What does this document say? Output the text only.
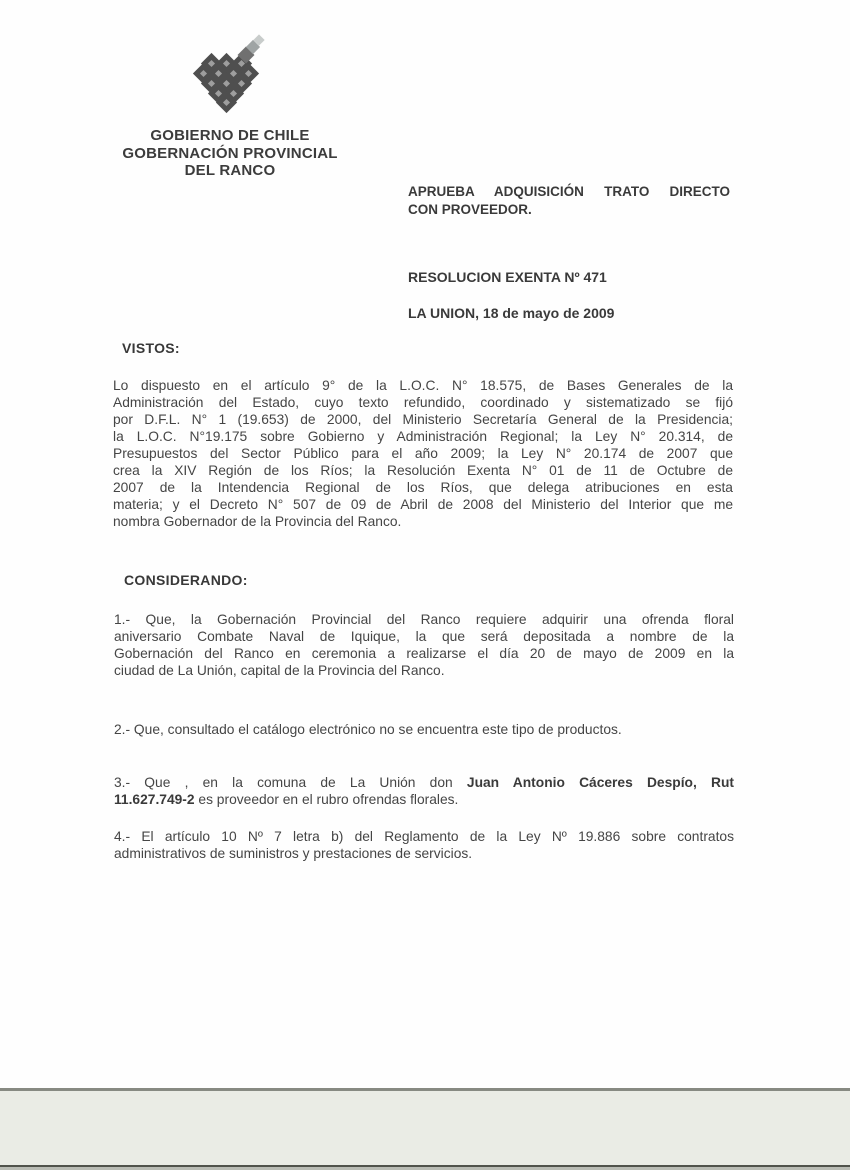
GOBIERNO DE CHILE
GOBERNACIÓN PROVINCIAL
DEL RANCO
APRUEBA ADQUISICIÓN TRATO DIRECTO
CON PROVEEDOR.
RESOLUCION EXENTA Nº 471
LA UNION, 18 de mayo de 2009
VISTOS:
Lo dispuesto en el artículo 9° de la L.O.C. N° 18.575, de Bases Generales de la
Administración del Estado, cuyo texto refundido, coordinado y sistematizado se fijó
por D.F.L. N° 1 (19.653) de 2000, del Ministerio Secretaría General de la Presidencia;
la L.O.C. N°19.175 sobre Gobierno y Administración Regional; la Ley N° 20.314, de
Presupuestos del Sector Público para el año 2009; la Ley N° 20.174 de 2007 que
crea la XIV Región de los Ríos; la Resolución Exenta N° 01 de 11 de Octubre de
2007 de la Intendencia Regional de los Ríos, que delega atribuciones en esta
materia; y el Decreto N° 507 de 09 de Abril de 2008 del Ministerio del Interior que me
nombra Gobernador de la Provincia del Ranco.
CONSIDERANDO:
1.- Que, la Gobernación Provincial del Ranco requiere adquirir una ofrenda floral
aniversario Combate Naval de Iquique, la que será depositada a nombre de la
Gobernación del Ranco en ceremonia a realizarse el día 20 de mayo de 2009 en la
ciudad de La Unión, capital de la Provincia del Ranco.
2.- Que, consultado el catálogo electrónico no se encuentra este tipo de productos.
3.- Que , en la comuna de La Unión don Juan Antonio Cáceres Despío, Rut
11.627.749-2 es proveedor en el rubro ofrendas florales.
4.- El artículo 10 Nº 7 letra b) del Reglamento de la Ley Nº 19.886 sobre contratos
administrativos de suministros y prestaciones de servicios.
